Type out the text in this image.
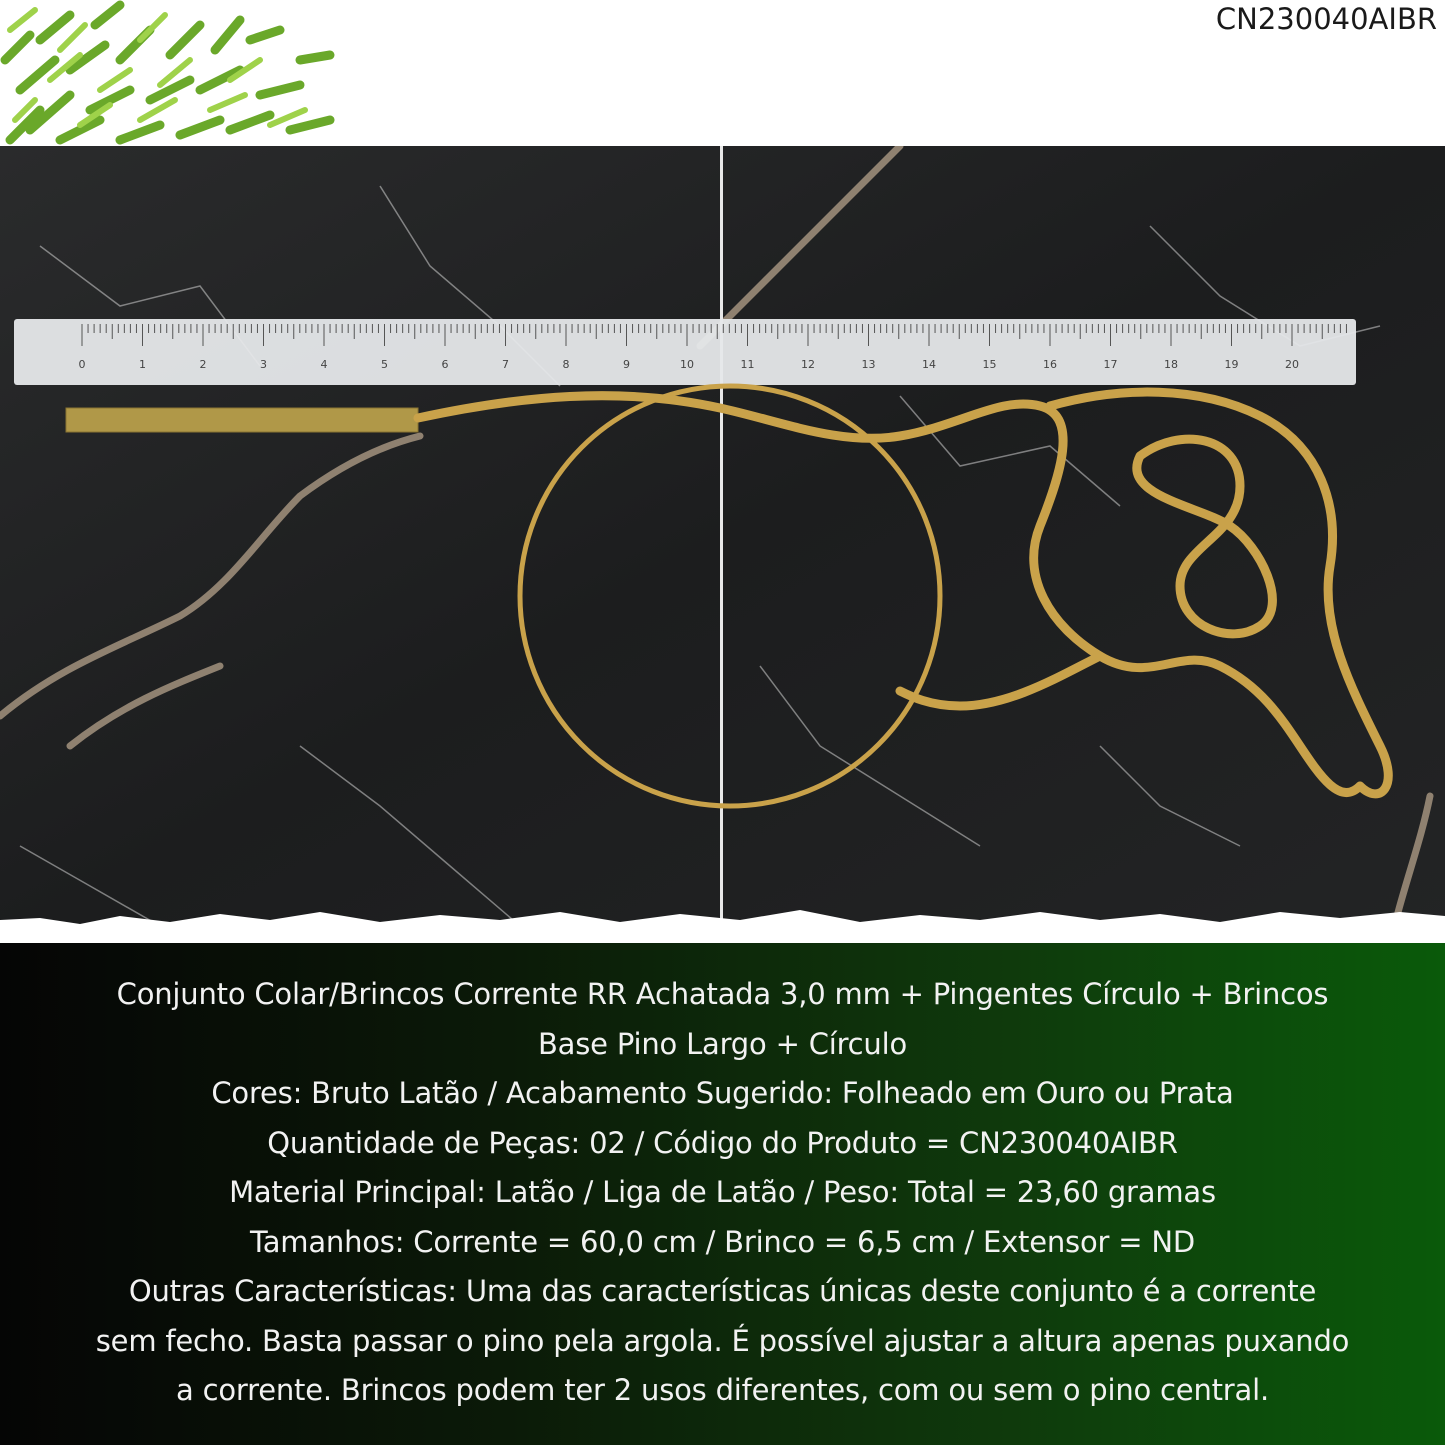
CN230040AIBR
0	1	2	3	4	5	6	7	8	9	10	11	12	13	14	15	16	17	18	19	20
Conjunto Colar/Brincos Corrente RR Achatada 3,0 mm + Pingentes Círculo + Brincos
Base Pino Largo + Círculo
Cores: Bruto Latão / Acabamento Sugerido: Folheado em Ouro ou Prata
Quantidade de Peças: 02 / Código do Produto = CN230040AIBR
Material Principal: Latão / Liga de Latão / Peso: Total = 23,60 gramas
Tamanhos: Corrente = 60,0 cm / Brinco = 6,5 cm / Extensor = ND
Outras Características: Uma das características únicas deste conjunto é a corrente
sem fecho. Basta passar o pino pela argola. É possível ajustar a altura apenas puxando
a corrente. Brincos podem ter 2 usos diferentes, com ou sem o pino central.
